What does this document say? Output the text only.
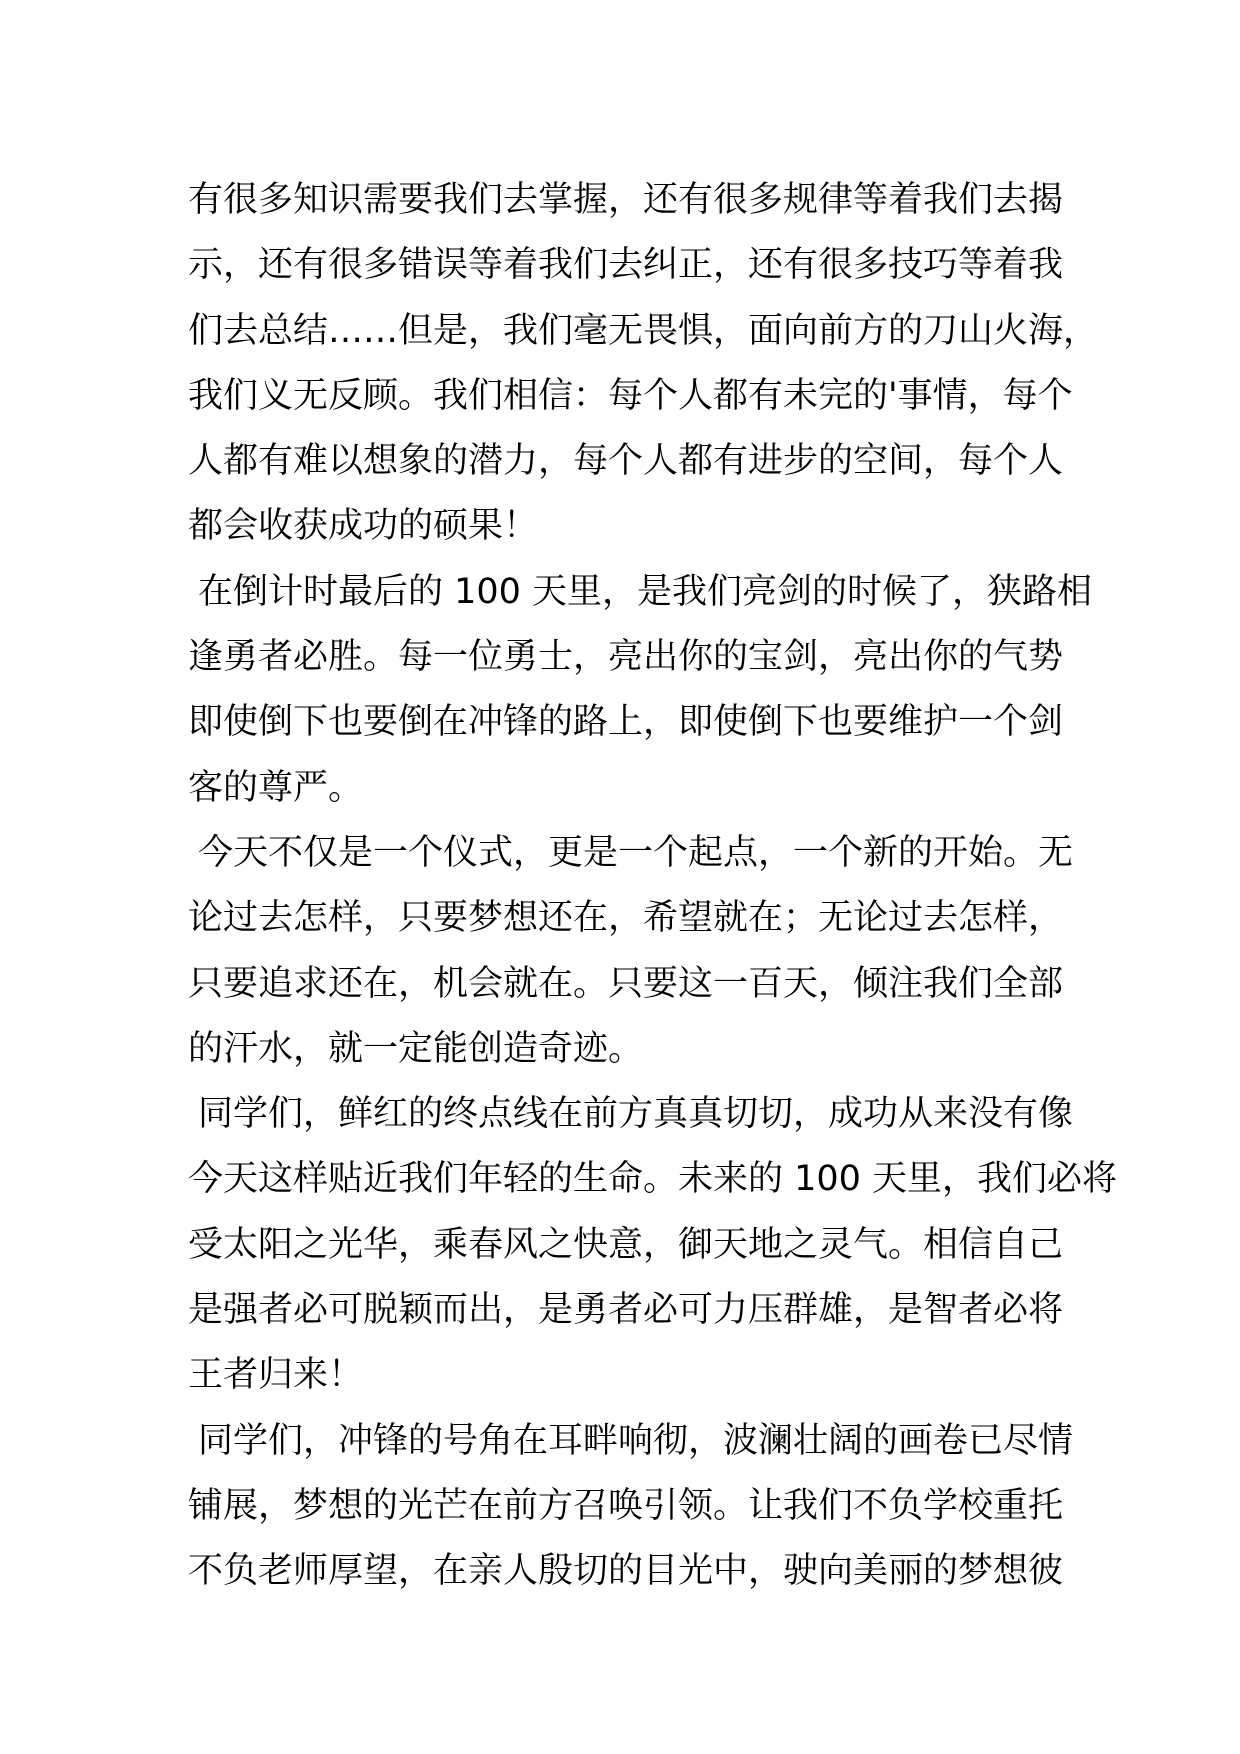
有很多知识需要我们去掌握，还有很多规律等着我们去揭
示，还有很多错误等着我们去纠正，还有很多技巧等着我
们去总结……但是，我们毫无畏惧，面向前方的刀山火海，
我们义无反顾。我们相信：每个人都有未完的'事情，每个
人都有难以想象的潜力，每个人都有进步的空间，每个人
都会收获成功的硕果！
在倒计时最后的 100 天里，是我们亮剑的时候了，狭路相
逢勇者必胜。每一位勇士，亮出你的宝剑，亮出你的气势
即使倒下也要倒在冲锋的路上，即使倒下也要维护一个剑
客的尊严。
今天不仅是一个仪式，更是一个起点，一个新的开始。无
论过去怎样，只要梦想还在，希望就在；无论过去怎样，
只要追求还在，机会就在。只要这一百天，倾注我们全部
的汗水，就一定能创造奇迹。
同学们，鲜红的终点线在前方真真切切，成功从来没有像
今天这样贴近我们年轻的生命。未来的 100 天里，我们必将
受太阳之光华，乘春风之快意，御天地之灵气。相信自己
是强者必可脱颖而出，是勇者必可力压群雄，是智者必将
王者归来！
同学们，冲锋的号角在耳畔响彻，波澜壮阔的画卷已尽情
铺展，梦想的光芒在前方召唤引领。让我们不负学校重托
不负老师厚望，在亲人殷切的目光中，驶向美丽的梦想彼
